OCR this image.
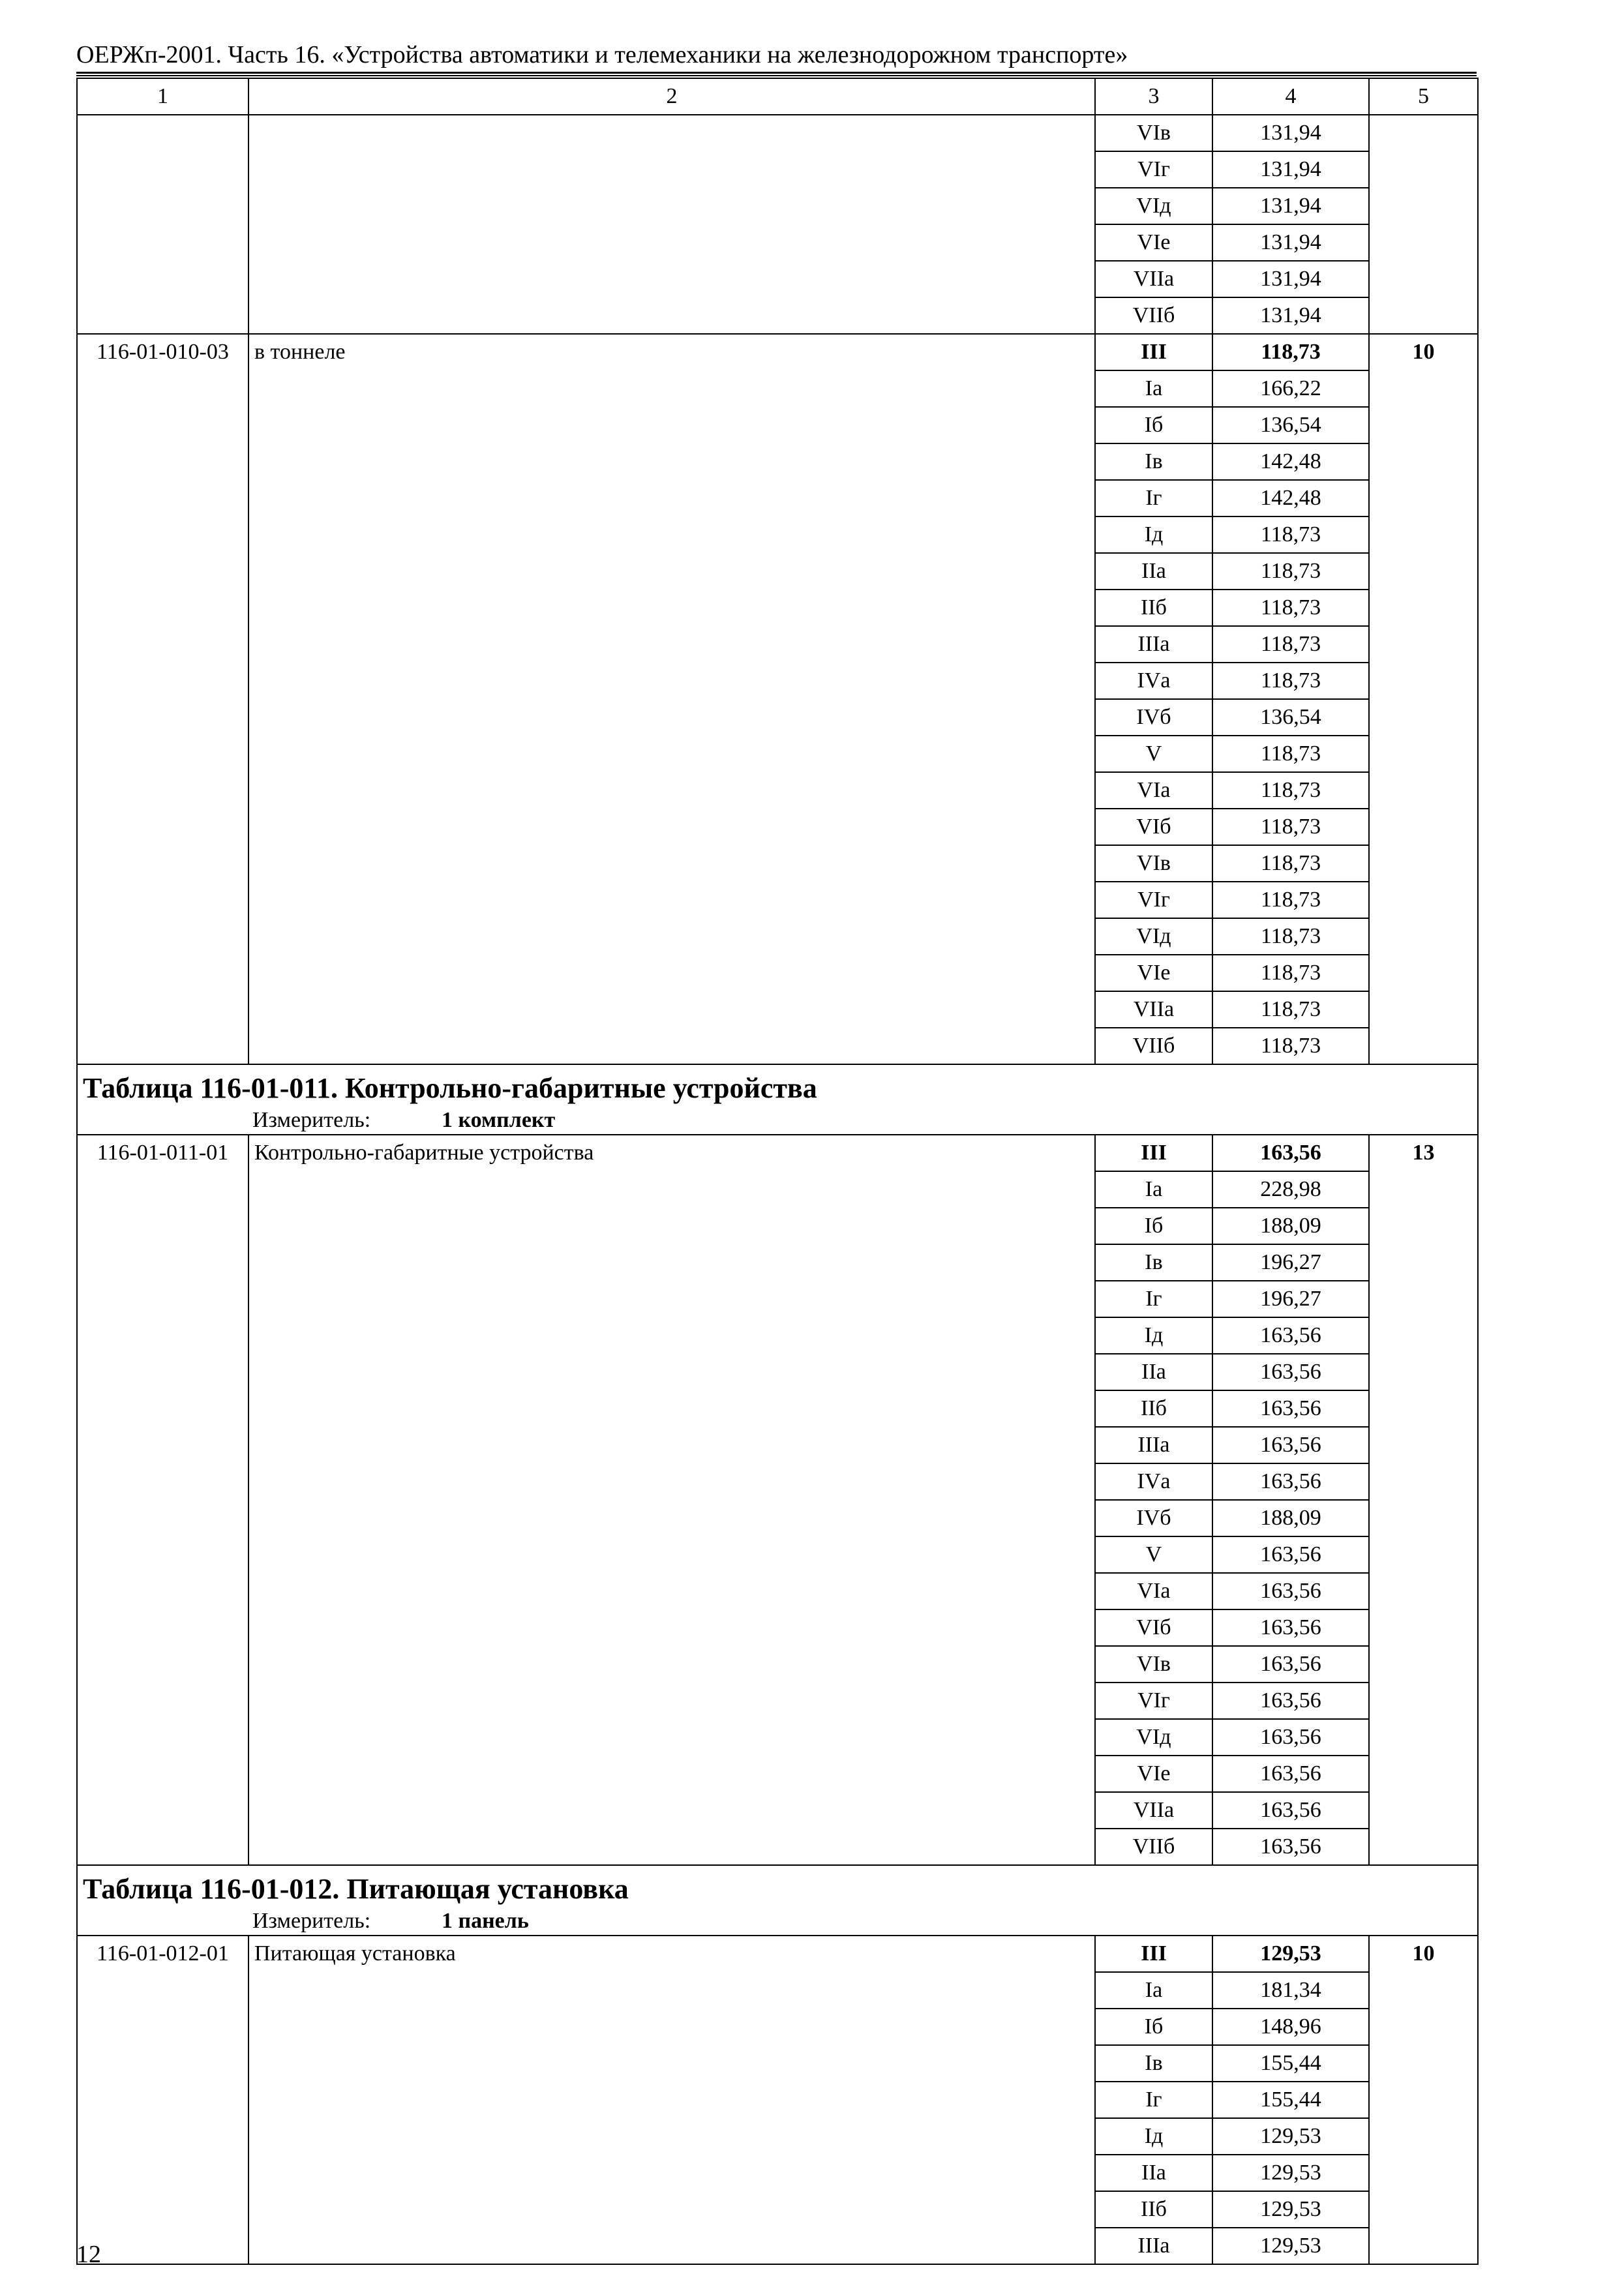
ОЕРЖп-2001. Часть 16. «Устройства автоматики и телемеханики на железнодорожном транспорте»
1	2	3	4	5
		VIв	131,94	
		VIг	131,94	
		VIд	131,94	
		VIе	131,94	
		VIIа	131,94	
		VIIб	131,94	
116-01-010-03	в тоннеле	III	118,73	10
		Iа	166,22	
		Iб	136,54	
		Iв	142,48	
		Iг	142,48	
		Iд	118,73	
		IIа	118,73	
		IIб	118,73	
		IIIа	118,73	
		IVа	118,73	
		IVб	136,54	
		V	118,73	
		VIа	118,73	
		VIб	118,73	
		VIв	118,73	
		VIг	118,73	
		VIд	118,73	
		VIе	118,73	
		VIIа	118,73	
		VIIб	118,73	

Таблица 116-01-011. Контрольно-габаритные устройства
Измеритель: 1 комплект				

116-01-011-01	Контрольно-габаритные устройства	III	163,56	13
		Iа	228,98	
		Iб	188,09	
		Iв	196,27	
		Iг	196,27	
		Iд	163,56	
		IIа	163,56	
		IIб	163,56	
		IIIа	163,56	
		IVа	163,56	
		IVб	188,09	
		V	163,56	
		VIа	163,56	
		VIб	163,56	
		VIв	163,56	
		VIг	163,56	
		VIд	163,56	
		VIе	163,56	
		VIIа	163,56	
		VIIб	163,56	

Таблица 116-01-012. Питающая установка
Измеритель: 1 панель				

116-01-012-01	Питающая установка	III	129,53	10
		Iа	181,34	
		Iб	148,96	
		Iв	155,44	
		Iг	155,44	
		Iд	129,53	
		IIа	129,53	
		IIб	129,53	
		IIIа	129,53	
12
